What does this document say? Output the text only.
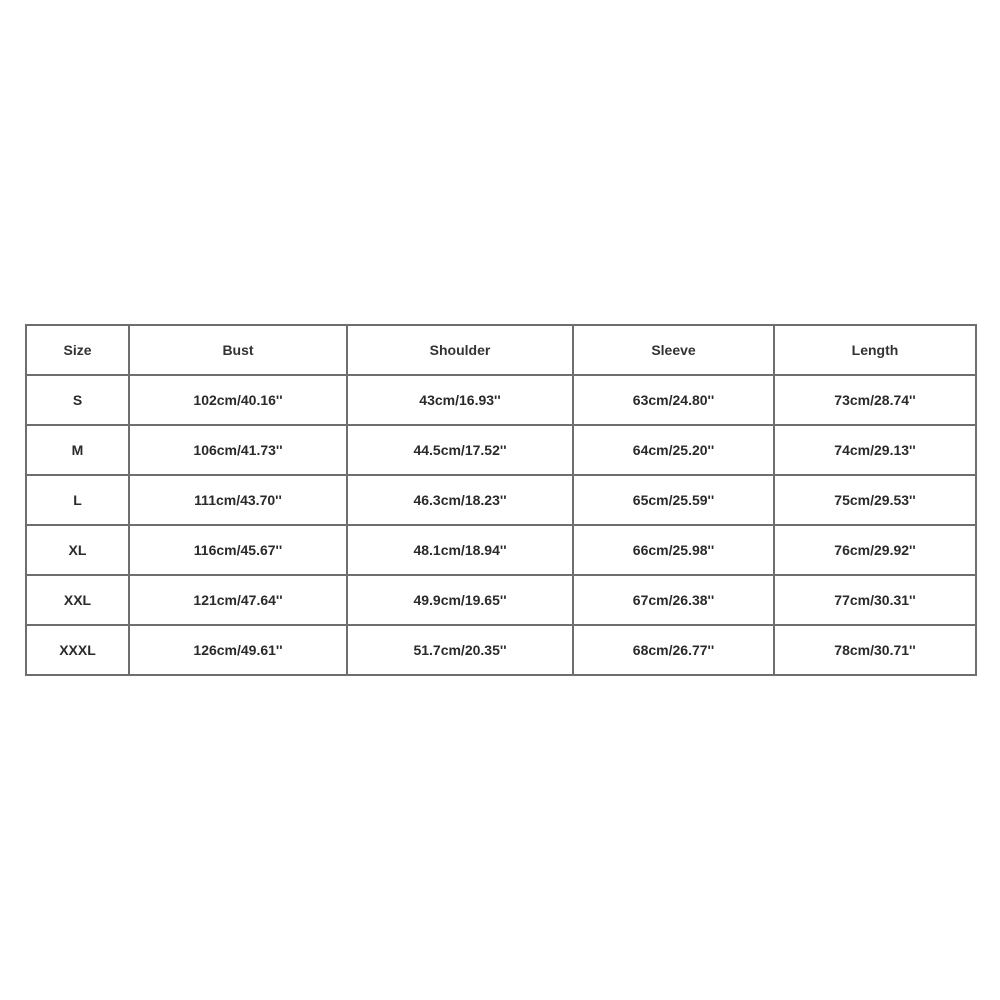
Size	Bust	Shoulder	Sleeve	Length
S	102cm/40.16''	43cm/16.93''	63cm/24.80''	73cm/28.74''
M	106cm/41.73''	44.5cm/17.52''	64cm/25.20''	74cm/29.13''
L	111cm/43.70''	46.3cm/18.23''	65cm/25.59''	75cm/29.53''
XL	116cm/45.67''	48.1cm/18.94''	66cm/25.98''	76cm/29.92''
XXL	121cm/47.64''	49.9cm/19.65''	67cm/26.38''	77cm/30.31''
XXXL	126cm/49.61''	51.7cm/20.35''	68cm/26.77''	78cm/30.71''
